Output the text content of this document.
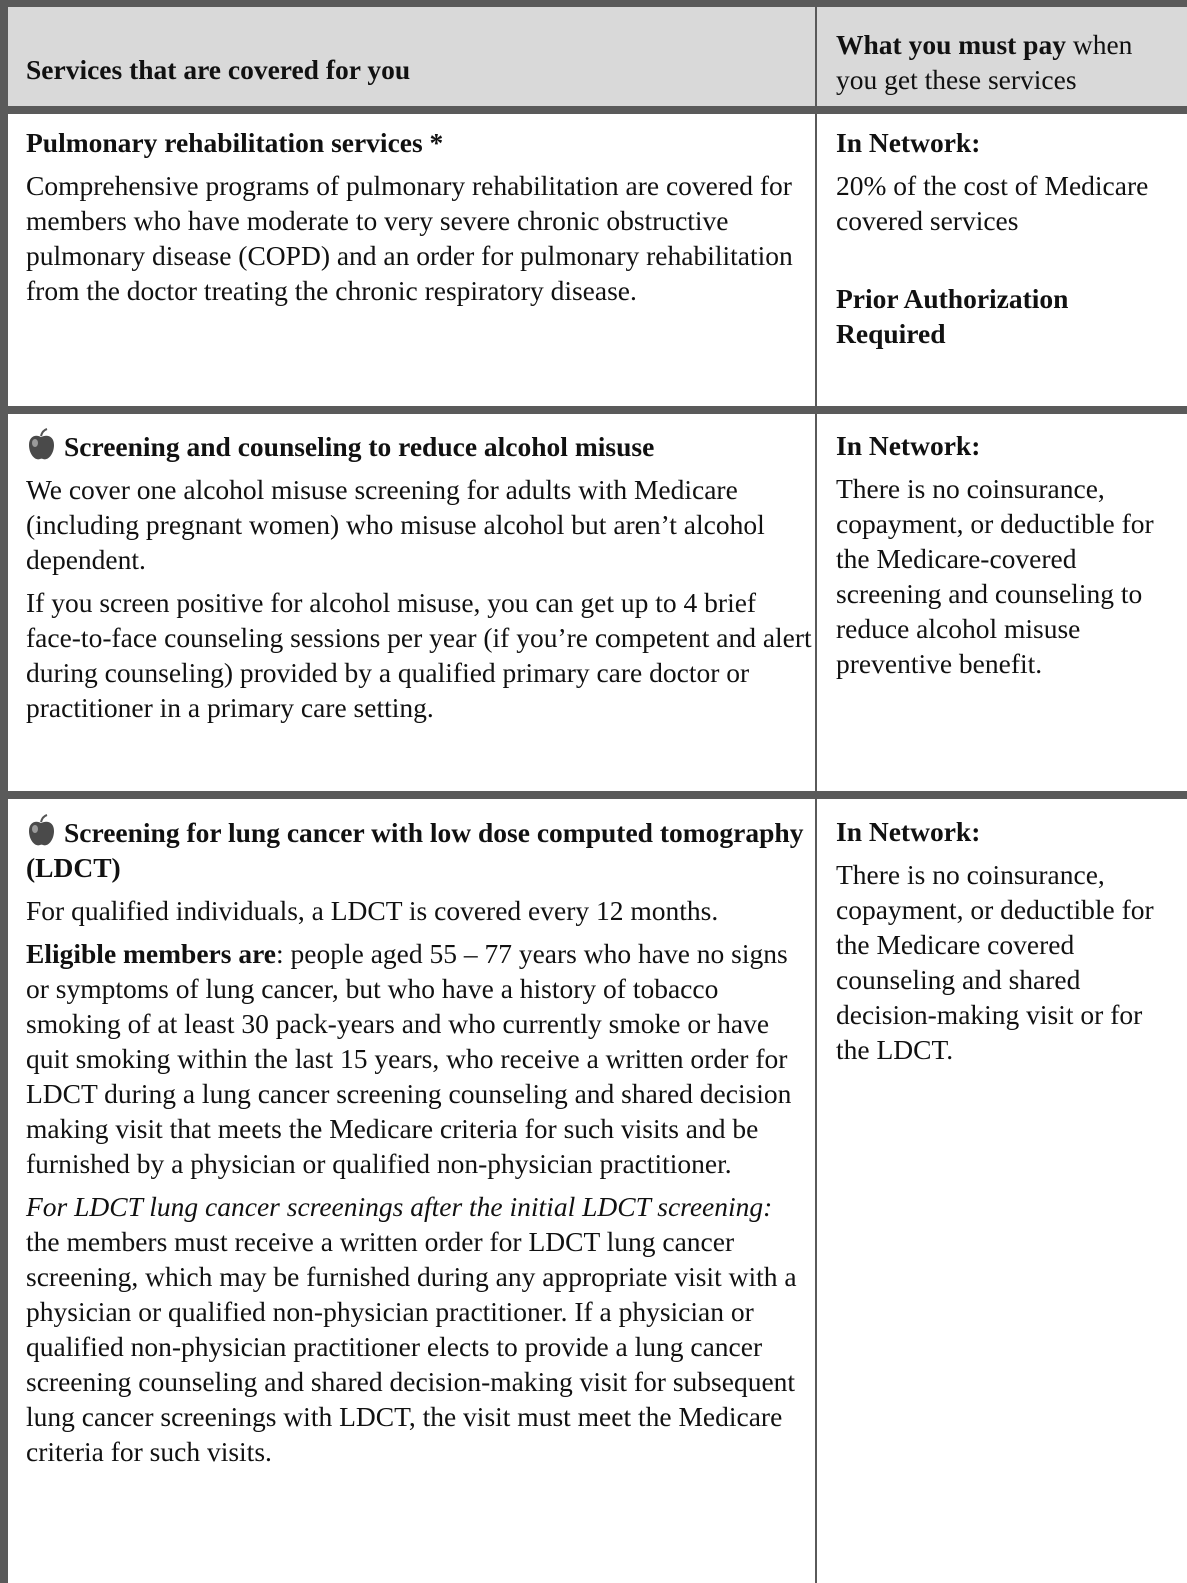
Services that are covered for you
What you must pay when you get these services

Pulmonary rehabilitation services *

Comprehensive programs of pulmonary rehabilitation are covered for members who have moderate to very severe chronic obstructive pulmonary disease (COPD) and an order for pulmonary rehabilitation from the doctor treating the chronic respiratory disease.

In Network:

20% of the cost of Medicare covered services

Prior Authorization Required

Screening and counseling to reduce alcohol misuse

We cover one alcohol misuse screening for adults with Medicare (including pregnant women) who misuse alcohol but aren’t alcohol dependent.

If you screen positive for alcohol misuse, you can get up to 4 brief face-to-face counseling sessions per year (if you’re competent and alert during counseling) provided by a qualified primary care doctor or practitioner in a primary care setting.

In Network:

There is no coinsurance, copayment, or deductible for the Medicare-covered screening and counseling to reduce alcohol misuse preventive benefit.

Screening for lung cancer with low dose computed tomography (LDCT)

For qualified individuals, a LDCT is covered every 12 months.

Eligible members are: people aged 55 – 77 years who have no signs or symptoms of lung cancer, but who have a history of tobacco smoking of at least 30 pack-years and who currently smoke or have quit smoking within the last 15 years, who receive a written order for LDCT during a lung cancer screening counseling and shared decision making visit that meets the Medicare criteria for such visits and be furnished by a physician or qualified non-physician practitioner.

For LDCT lung cancer screenings after the initial LDCT screening: the members must receive a written order for LDCT lung cancer screening, which may be furnished during any appropriate visit with a physician or qualified non-physician practitioner. If a physician or qualified non-physician practitioner elects to provide a lung cancer screening counseling and shared decision-making visit for subsequent lung cancer screenings with LDCT, the visit must meet the Medicare criteria for such visits.

In Network:

There is no coinsurance, copayment, or deductible for the Medicare covered counseling and shared decision-making visit or for the LDCT.
